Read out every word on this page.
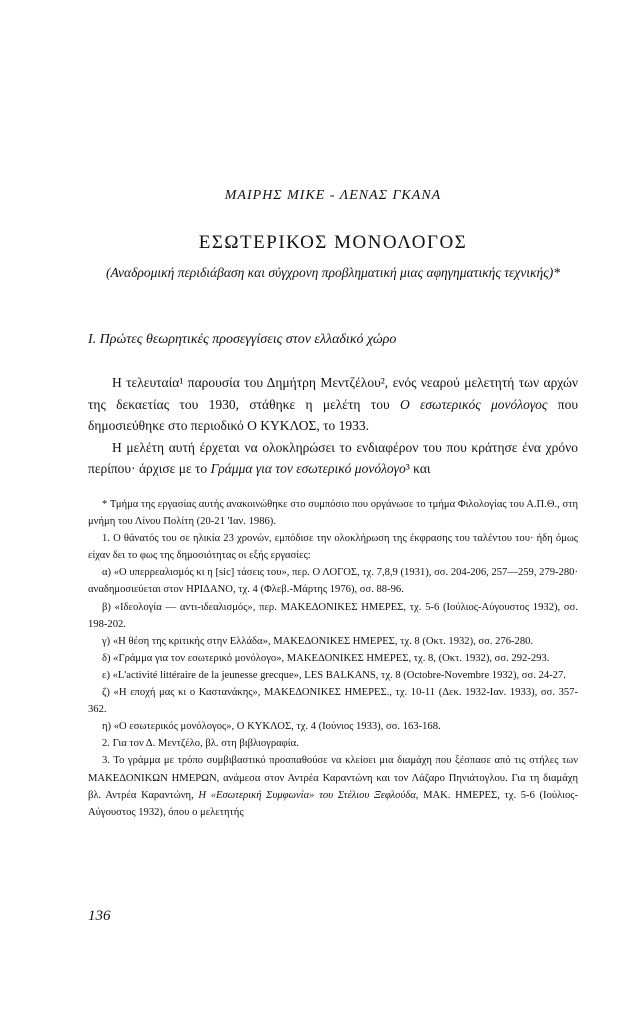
ΜΑΙΡΗΣ ΜΙΚΕ - ΛΕΝΑΣ ΓΚΑΝΑ
ΕΣΩΤΕΡΙΚΟΣ ΜΟΝΟΛΟΓΟΣ
(Αναδρομική περιδιάβαση και σύγχρονη προβληματική μιας αφηγηματικής τεχνικής)*
Ι. Πρώτες θεωρητικές προσεγγίσεις στον ελλαδικό χώρο

Η τελευταία¹ παρουσία του Δημήτρη Μεντζέλου², ενός νεαρού μελετητή των αρχών της δεκαετίας του 1930, στάθηκε η μελέτη του Ο εσωτερικός μονόλογος που δημοσιεύθηκε στο περιοδικό Ο ΚΥΚΛΟΣ, το 1933.

Η μελέτη αυτή έρχεται να ολοκληρώσει το ενδιαφέρον του που κράτησε ένα χρόνο περίπου· άρχισε με το Γράμμα για τον εσωτερικό μονόλογο³ και

* Τμήμα της εργασίας αυτής ανακοινώθηκε στο συμπόσιο που οργάνωσε το τμήμα Φιλολογίας του Α.Π.Θ., στη μνήμη του Λίνου Πολίτη (20-21 'Ιαν. 1986).

1. Ο θάνατός του σε ηλικία 23 χρονών, εμπόδισε την ολοκλήρωση της έκφρασης του ταλέντου του· ήδη όμως είχαν δει το φως της δημοσιότητας οι εξής εργασίες:

α) «Ο υπερρεαλισμός κι η [sic] τάσεις του», περ. Ο ΛΟΓΟΣ, τχ. 7,8,9 (1931), σσ. 204-206, 257—259, 279-280· αναδημοσιεύεται στον ΗΡΙΔΑΝΟ, τχ. 4 (Φλεβ.-Μάρτης 1976), σσ. 88-96.

β) «Ιδεολογία — αντι-ιδεαλισμός», περ. ΜΑΚΕΔΟΝΙΚΕΣ ΗΜΕΡΕΣ, τχ. 5-6 (Ιούλιος-Αύγουστος 1932), σσ. 198-202.

γ) «Η θέση της κριτικής στην Ελλάδα», ΜΑΚΕΔΟΝΙΚΕΣ ΗΜΕΡΕΣ, τχ. 8 (Οκτ. 1932), σσ. 276-280.

δ) «Γράμμα για τον εσωτερικό μονόλογο», ΜΑΚΕΔΟΝΙΚΕΣ ΗΜΕΡΕΣ, τχ. 8, (Οκτ. 1932), σσ. 292-293.

ε) «L'activité littéraire de la jeunesse grecque», LES BALKANS, τχ. 8 (Octobre-Novembre 1932), σσ. 24-27.

ζ) «Η εποχή μας κι ο Καστανάκης», ΜΑΚΕΔΟΝΙΚΕΣ ΗΜΕΡΕΣ., τχ. 10-11 (Δεκ. 1932-Ιαν. 1933), σσ. 357-362.

η) «Ο εσωτερικός μονόλογος», Ο ΚΥΚΛΟΣ, τχ. 4 (Ιούνιος 1933), σσ. 163-168.

2. Για τον Δ. Μεντζέλο, βλ. στη βιβλιογραφία.

3. Το γράμμα με τρόπο συμβιβαστικό προσπαθούσε να κλείσει μια διαμάχη που ξέσπασε από τις στήλες των ΜΑΚΕΔΟΝΙΚΩΝ ΗΜΕΡΩΝ, ανάμεσα στον Αντρέα Καραντώνη και τον Λάζαρο Πηνιάτογλου. Για τη διαμάχη βλ. Αντρέα Καραντώνη, Η «Εσωτερική Συμφωνία» του Στέλιου Ξεφλούδα, ΜΑΚ. ΗΜΕΡΕΣ, τχ. 5-6 (Ιούλιος-Αύγουστος 1932), όπου ο μελετητής

136
